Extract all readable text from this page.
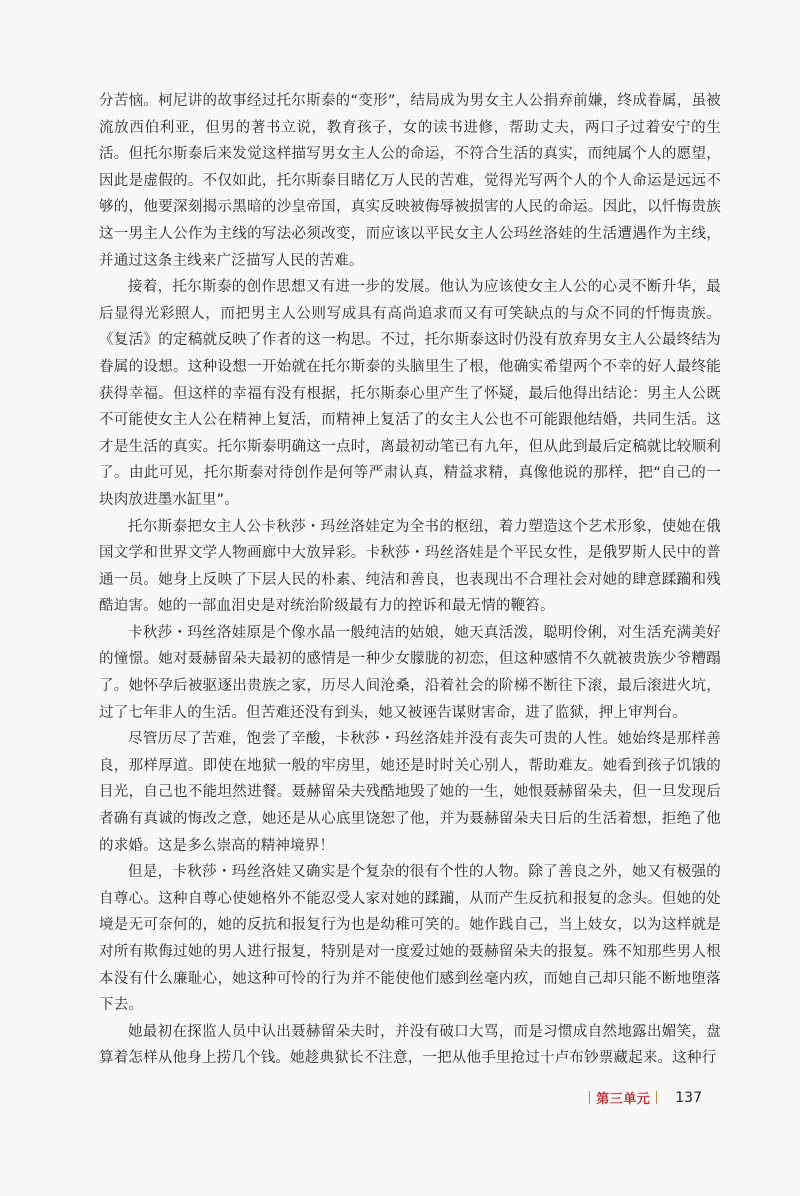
分苦恼。柯尼讲的故事经过托尔斯泰的“变形”，结局成为男女主人公捐弃前嫌，终成眷属，虽被流放西伯利亚，但男的著书立说，教育孩子，女的读书进修，帮助丈夫，两口子过着安宁的生活。但托尔斯泰后来发觉这样描写男女主人公的命运，不符合生活的真实，而纯属个人的愿望，因此是虚假的。不仅如此，托尔斯泰目睹亿万人民的苦难，觉得光写两个人的个人命运是远远不够的，他要深刻揭示黑暗的沙皇帝国，真实反映被侮辱被损害的人民的命运。因此，以忏悔贵族这一男主人公作为主线的写法必须改变，而应该以平民女主人公玛丝洛娃的生活遭遇作为主线，并通过这条主线来广泛描写人民的苦难。

接着，托尔斯泰的创作思想又有进一步的发展。他认为应该使女主人公的心灵不断升华，最后显得光彩照人，而把男主人公则写成具有高尚追求而又有可笑缺点的与众不同的忏悔贵族。《复活》的定稿就反映了作者的这一构思。不过，托尔斯泰这时仍没有放弃男女主人公最终结为眷属的设想。这种设想一开始就在托尔斯泰的头脑里生了根，他确实希望两个不幸的好人最终能获得幸福。但这样的幸福有没有根据，托尔斯泰心里产生了怀疑，最后他得出结论：男主人公既不可能使女主人公在精神上复活，而精神上复活了的女主人公也不可能跟他结婚，共同生活。这才是生活的真实。托尔斯泰明确这一点时，离最初动笔已有九年，但从此到最后定稿就比较顺利了。由此可见，托尔斯泰对待创作是何等严肃认真，精益求精，真像他说的那样，把“自己的一块肉放进墨水缸里”。

托尔斯泰把女主人公卡秋莎・玛丝洛娃定为全书的枢纽，着力塑造这个艺术形象，使她在俄国文学和世界文学人物画廊中大放异彩。卡秋莎・玛丝洛娃是个平民女性，是俄罗斯人民中的普通一员。她身上反映了下层人民的朴素、纯洁和善良，也表现出不合理社会对她的肆意蹂躏和残酷迫害。她的一部血泪史是对统治阶级最有力的控诉和最无情的鞭笞。

卡秋莎・玛丝洛娃原是个像水晶一般纯洁的姑娘，她天真活泼，聪明伶俐，对生活充满美好的憧憬。她对聂赫留朵夫最初的感情是一种少女朦胧的初恋，但这种感情不久就被贵族少爷糟蹋了。她怀孕后被驱逐出贵族之家，历尽人间沧桑，沿着社会的阶梯不断往下滚，最后滚进火坑，过了七年非人的生活。但苦难还没有到头，她又被诬告谋财害命，进了监狱，押上审判台。

尽管历尽了苦难，饱尝了辛酸，卡秋莎・玛丝洛娃并没有丧失可贵的人性。她始终是那样善良，那样厚道。即使在地狱一般的牢房里，她还是时时关心别人，帮助难友。她看到孩子饥饿的目光，自己也不能坦然进餐。聂赫留朵夫残酷地毁了她的一生，她恨聂赫留朵夫，但一旦发现后者确有真诚的悔改之意，她还是从心底里饶恕了他，并为聂赫留朵夫日后的生活着想，拒绝了他的求婚。这是多么崇高的精神境界！

但是，卡秋莎・玛丝洛娃又确实是个复杂的很有个性的人物。除了善良之外，她又有极强的自尊心。这种自尊心使她格外不能忍受人家对她的蹂躏，从而产生反抗和报复的念头。但她的处境是无可奈何的，她的反抗和报复行为也是幼稚可笑的。她作践自己，当上妓女，以为这样就是对所有欺侮过她的男人进行报复，特别是对一度爱过她的聂赫留朵夫的报复。殊不知那些男人根本没有什么廉耻心，她这种可怜的行为并不能使他们感到丝毫内疚，而她自己却只能不断地堕落下去。

她最初在探监人员中认出聂赫留朵夫时，并没有破口大骂，而是习惯成自然地露出媚笑，盘算着怎样从他身上捞几个钱。她趁典狱长不注意，一把从他手里抢过十卢布钞票藏起来。这种行

第三单元 137
